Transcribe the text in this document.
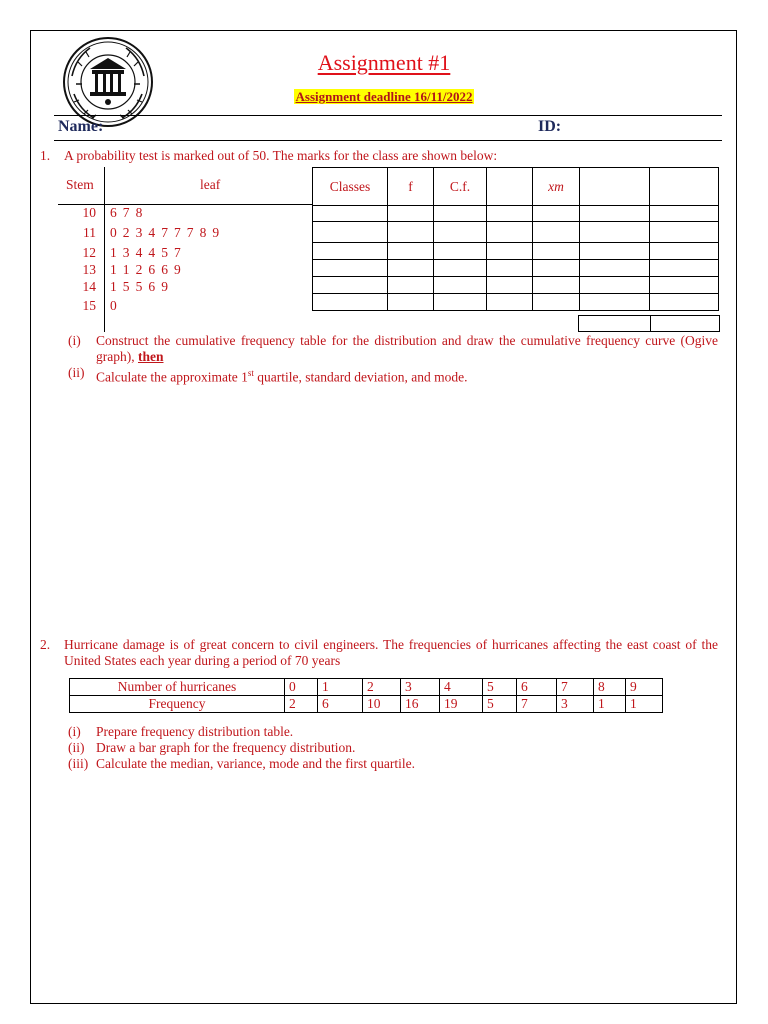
Assignment #1
Assignment deadline 16/11/2022
Name:	ID:
1. A probability test is marked out of 50. The marks for the class are shown below:
Stem	leaf
10 6 7 8
11 0 2 3 4 7 7 7 8 9
12 1 3 4 4 5 7
13 1 1 2 6 6 9
14 1 5 5 6 9
15 0
Classes	f	C.f.		xm		

(i) Construct the cumulative frequency table for the distribution and draw the cumulative frequency curve (Ogive graph), then
(ii) Calculate the approximate 1st quartile, standard deviation, and mode.
2. Hurricane damage is of great concern to civil engineers. The frequencies of hurricanes affecting the east coast of the United States each year during a period of 70 years
Number of hurricanes	0	1	2	3	4	5	6	7	8	9
Frequency	2	6	10	16	19	5	7	3	1	1
(i) Prepare frequency distribution table.
(ii) Draw a bar graph for the frequency distribution.
(iii) Calculate the median, variance, mode and the first quartile.
